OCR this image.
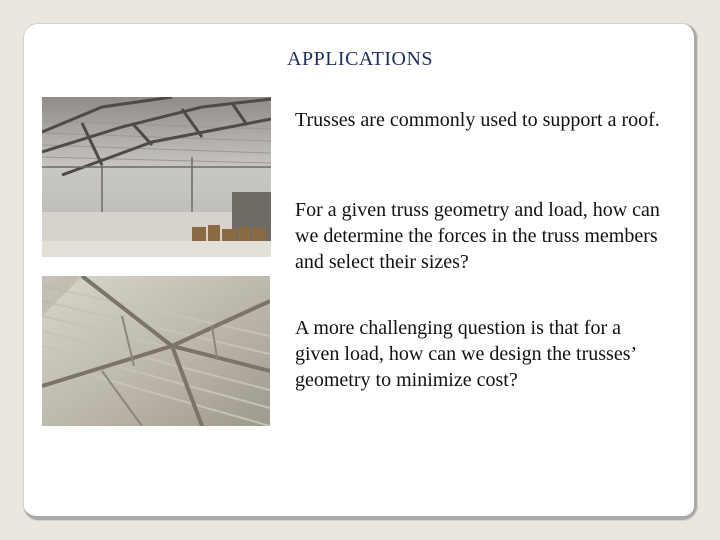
APPLICATIONS

Trusses are commonly used to support a roof.

For a given truss geometry and load, how can we determine the forces in the truss members and select their sizes?

A more challenging question is that for a given load, how can we design the trusses’ geometry to minimize cost?
